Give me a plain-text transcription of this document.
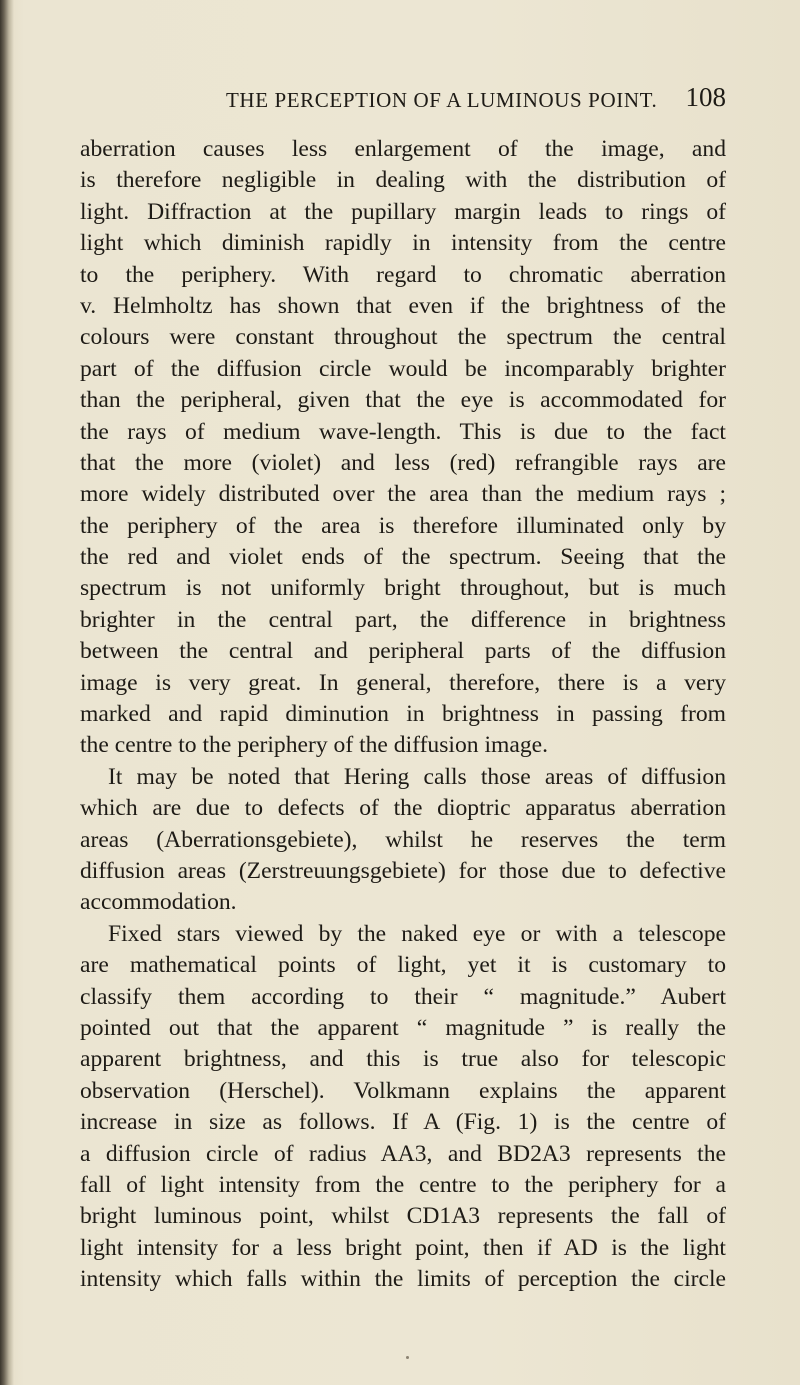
THE PERCEPTION OF A LUMINOUS POINT. 108
aberration causes less enlargement of the image, and
is therefore negligible in dealing with the distribution of
light. Diffraction at the pupillary margin leads to rings of
light which diminish rapidly in intensity from the centre
to the periphery. With regard to chromatic aberration
v. Helmholtz has shown that even if the brightness of the
colours were constant throughout the spectrum the central
part of the diffusion circle would be incomparably brighter
than the peripheral, given that the eye is accommodated for
the rays of medium wave-length. This is due to the fact
that the more (violet) and less (red) refrangible rays are
more widely distributed over the area than the medium rays ;
the periphery of the area is therefore illuminated only by
the red and violet ends of the spectrum. Seeing that the
spectrum is not uniformly bright throughout, but is much
brighter in the central part, the difference in brightness
between the central and peripheral parts of the diffusion
image is very great. In general, therefore, there is a very
marked and rapid diminution in brightness in passing from
the centre to the periphery of the diffusion image.
It may be noted that Hering calls those areas of diffusion
which are due to defects of the dioptric apparatus aberration
areas (Aberrationsgebiete), whilst he reserves the term
diffusion areas (Zerstreuungsgebiete) for those due to defective
accommodation.
Fixed stars viewed by the naked eye or with a telescope
are mathematical points of light, yet it is customary to
classify them according to their “ magnitude.” Aubert
pointed out that the apparent “ magnitude ” is really the
apparent brightness, and this is true also for telescopic
observation (Herschel). Volkmann explains the apparent
increase in size as follows. If A (Fig. 1) is the centre of
a diffusion circle of radius AA3, and BD2A3 represents the
fall of light intensity from the centre to the periphery for a
bright luminous point, whilst CD1A3 represents the fall of
light intensity for a less bright point, then if AD is the light
intensity which falls within the limits of perception the circle
